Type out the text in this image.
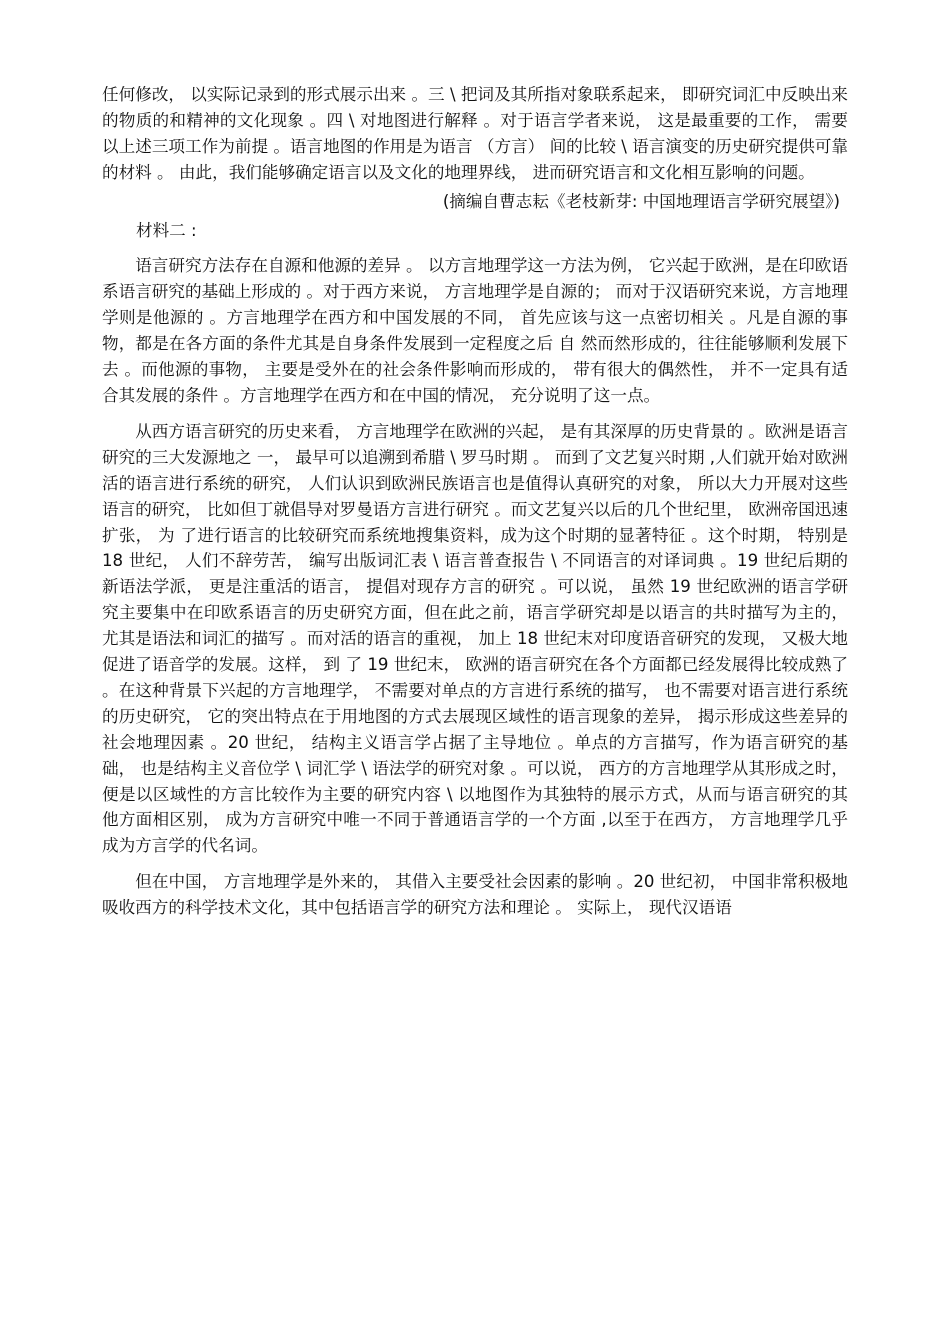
任何修改， 以实际记录到的形式展示出来 。三 \ 把词及其所指对象联系起来， 即研究词汇中反映出来的物质的和精神的文化现象 。四 \ 对地图进行解释 。对于语言学者来说， 这是最重要的工作， 需要以上述三项工作为前提 。语言地图的作用是为语言 （方言） 间的比较 \ 语言演变的历史研究提供可靠的材料 。 由此，我们能够确定语言以及文化的地理界线， 进而研究语言和文化相互影响的问题。

(摘编自曹志耘《老枝新芽: 中国地理语言学研究展望》)

材料二 :

语言研究方法存在自源和他源的差异 。 以方言地理学这一方法为例， 它兴起于欧洲，是在印欧语系语言研究的基础上形成的 。对于西方来说， 方言地理学是自源的； 而对于汉语研究来说，方言地理学则是他源的 。方言地理学在西方和中国发展的不同， 首先应该与这一点密切相关 。凡是自源的事物，都是在各方面的条件尤其是自身条件发展到一定程度之后 自 然而然形成的，往往能够顺利发展下去 。而他源的事物， 主要是受外在的社会条件影响而形成的， 带有很大的偶然性， 并不一定具有适合其发展的条件 。方言地理学在西方和在中国的情况， 充分说明了这一点。

从西方语言研究的历史来看， 方言地理学在欧洲的兴起， 是有其深厚的历史背景的 。欧洲是语言研究的三大发源地之 一， 最早可以追溯到希腊 \ 罗马时期 。 而到了文艺复兴时期 ,人们就开始对欧洲活的语言进行系统的研究， 人们认识到欧洲民族语言也是值得认真研究的对象， 所以大力开展对这些语言的研究， 比如但丁就倡导对罗曼语方言进行研究 。而文艺复兴以后的几个世纪里， 欧洲帝国迅速扩张， 为 了进行语言的比较研究而系统地搜集资料，成为这个时期的显著特征 。这个时期， 特别是 18 世纪， 人们不辞劳苦， 编写出版词汇表 \ 语言普查报告 \ 不同语言的对译词典 。19 世纪后期的新语法学派， 更是注重活的语言， 提倡对现存方言的研究 。可以说， 虽然 19 世纪欧洲的语言学研究主要集中在印欧系语言的历史研究方面，但在此之前，语言学研究却是以语言的共时描写为主的， 尤其是语法和词汇的描写 。而对活的语言的重视， 加上 18 世纪末对印度语音研究的发现， 又极大地促进了语音学的发展。这样， 到 了 19 世纪末， 欧洲的语言研究在各个方面都已经发展得比较成熟了 。在这种背景下兴起的方言地理学， 不需要对单点的方言进行系统的描写， 也不需要对语言进行系统的历史研究， 它的突出特点在于用地图的方式去展现区域性的语言现象的差异， 揭示形成这些差异的社会地理因素 。20 世纪， 结构主义语言学占据了主导地位 。单点的方言描写，作为语言研究的基础， 也是结构主义音位学 \ 词汇学 \ 语法学的研究对象 。可以说， 西方的方言地理学从其形成之时， 便是以区域性的方言比较作为主要的研究内容 \ 以地图作为其独特的展示方式，从而与语言研究的其他方面相区别， 成为方言研究中唯一不同于普通语言学的一个方面 ,以至于在西方， 方言地理学几乎成为方言学的代名词。

但在中国， 方言地理学是外来的， 其借入主要受社会因素的影响 。20 世纪初， 中国非常积极地吸收西方的科学技术文化，其中包括语言学的研究方法和理论 。 实际上， 现代汉语语
